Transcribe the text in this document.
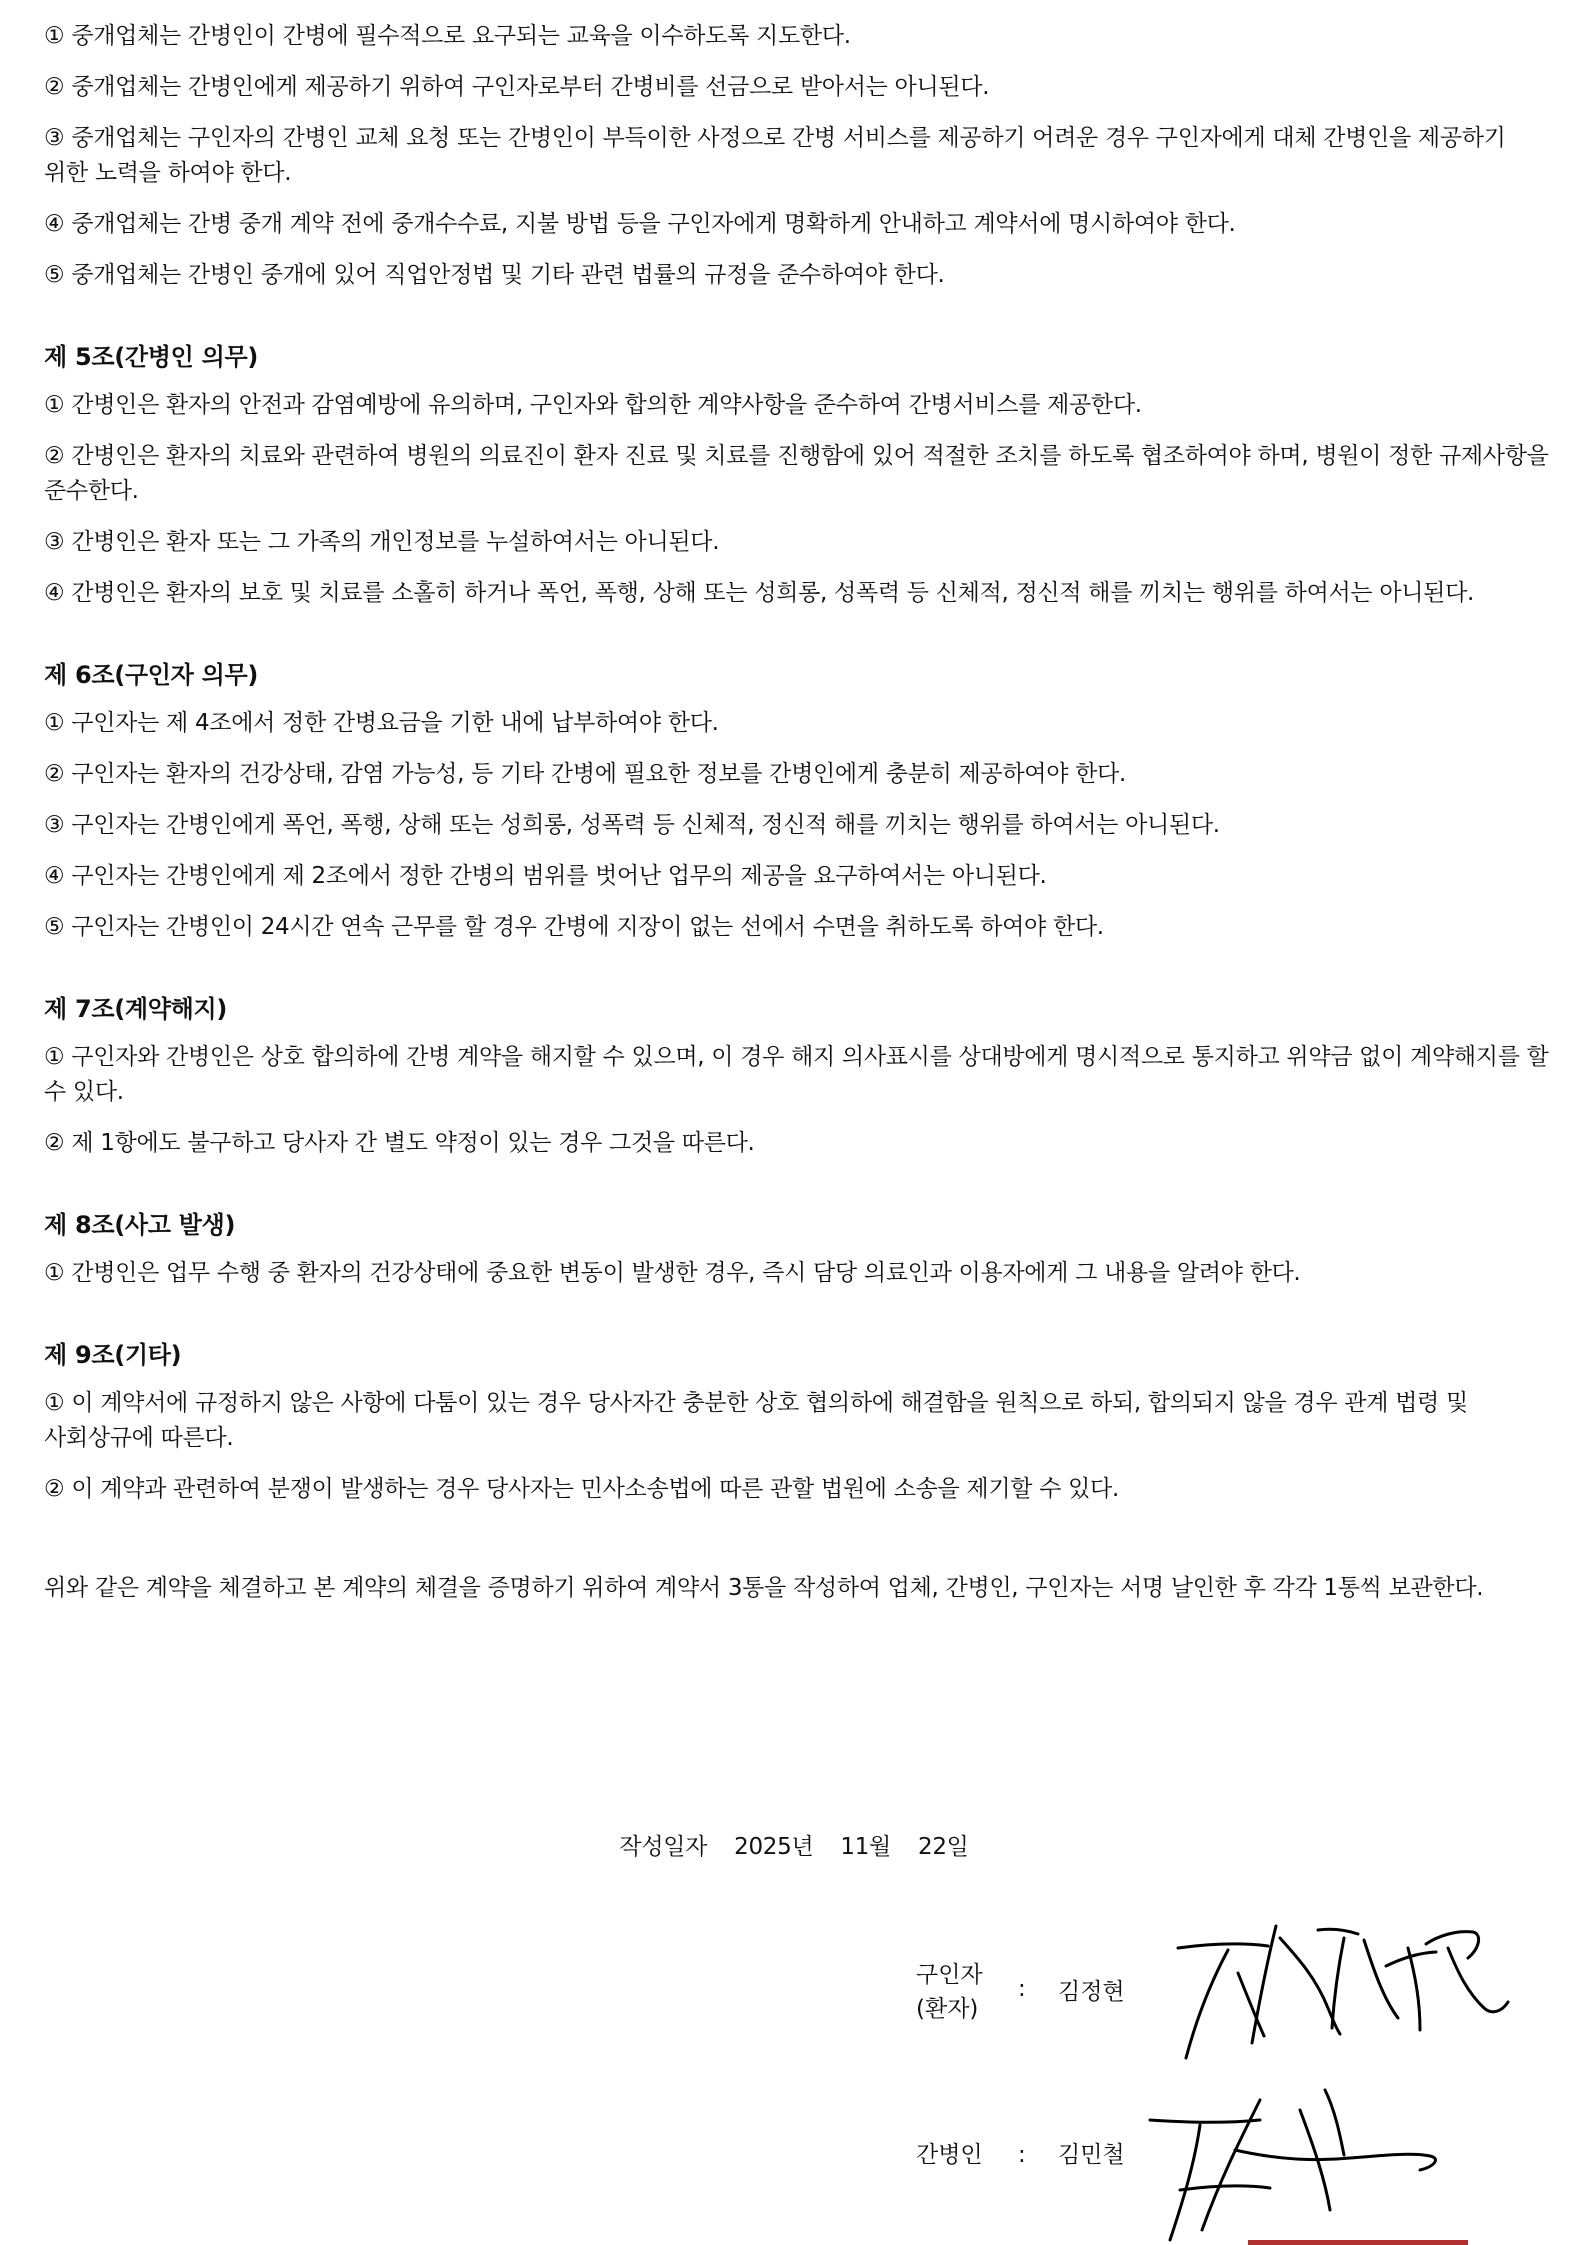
① 중개업체는 간병인이 간병에 필수적으로 요구되는 교육을 이수하도록 지도한다.

② 중개업체는 간병인에게 제공하기 위하여 구인자로부터 간병비를 선금으로 받아서는 아니된다.

③ 중개업체는 구인자의 간병인 교체 요청 또는 간병인이 부득이한 사정으로 간병 서비스를 제공하기 어려운 경우 구인자에게 대체 간병인을 제공하기 위한 노력을 하여야 한다.

④ 중개업체는 간병 중개 계약 전에 중개수수료, 지불 방법 등을 구인자에게 명확하게 안내하고 계약서에 명시하여야 한다.

⑤ 중개업체는 간병인 중개에 있어 직업안정법 및 기타 관련 법률의 규정을 준수하여야 한다.

제 5조(간병인 의무)

① 간병인은 환자의 안전과 감염예방에 유의하며, 구인자와 합의한 계약사항을 준수하여 간병서비스를 제공한다.

② 간병인은 환자의 치료와 관련하여 병원의 의료진이 환자 진료 및 치료를 진행함에 있어 적절한 조치를 하도록 협조하여야 하며, 병원이 정한 규제사항을 준수한다.

③ 간병인은 환자 또는 그 가족의 개인정보를 누설하여서는 아니된다.

④ 간병인은 환자의 보호 및 치료를 소홀히 하거나 폭언, 폭행, 상해 또는 성희롱, 성폭력 등 신체적, 정신적 해를 끼치는 행위를 하여서는 아니된다.

제 6조(구인자 의무)

① 구인자는 제 4조에서 정한 간병요금을 기한 내에 납부하여야 한다.

② 구인자는 환자의 건강상태, 감염 가능성, 등 기타 간병에 필요한 정보를 간병인에게 충분히 제공하여야 한다.

③ 구인자는 간병인에게 폭언, 폭행, 상해 또는 성희롱, 성폭력 등 신체적, 정신적 해를 끼치는 행위를 하여서는 아니된다.

④ 구인자는 간병인에게 제 2조에서 정한 간병의 범위를 벗어난 업무의 제공을 요구하여서는 아니된다.

⑤ 구인자는 간병인이 24시간 연속 근무를 할 경우 간병에 지장이 없는 선에서 수면을 취하도록 하여야 한다.

제 7조(계약해지)

① 구인자와 간병인은 상호 합의하에 간병 계약을 해지할 수 있으며, 이 경우 해지 의사표시를 상대방에게 명시적으로 통지하고 위약금 없이 계약해지를 할 수 있다.

② 제 1항에도 불구하고 당사자 간 별도 약정이 있는 경우 그것을 따른다.

제 8조(사고 발생)

① 간병인은 업무 수행 중 환자의 건강상태에 중요한 변동이 발생한 경우, 즉시 담당 의료인과 이용자에게 그 내용을 알려야 한다.

제 9조(기타)

① 이 계약서에 규정하지 않은 사항에 다툼이 있는 경우 당사자간 충분한 상호 협의하에 해결함을 원칙으로 하되, 합의되지 않을 경우 관계 법령 및 사회상규에 따른다.

② 이 계약과 관련하여 분쟁이 발생하는 경우 당사자는 민사소송법에 따른 관할 법원에 소송을 제기할 수 있다.

위와 같은 계약을 체결하고 본 계약의 체결을 증명하기 위하여 계약서 3통을 작성하여 업체, 간병인, 구인자는 서명 날인한 후 각각 1통씩 보관한다.

작성일자 2025년 11월 22일
구인자
(환자)
: 김정현
간병인	: 김민철
